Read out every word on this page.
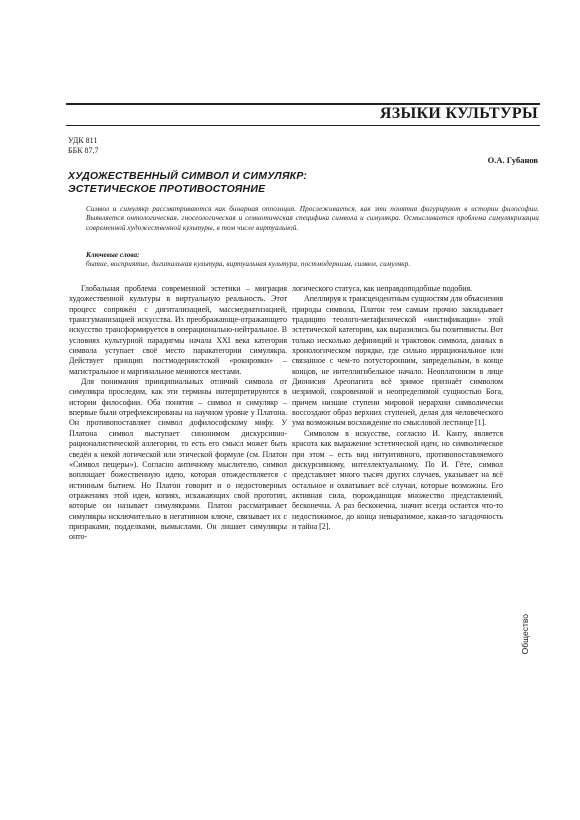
ЯЗЫКИ КУЛЬТУРЫ
УДК 811
ББК 87.7
О.А. Губанов
ХУДОЖЕСТВЕННЫЙ СИМВОЛ И СИМУЛЯКР:
ЭСТЕТИЧЕСКОЕ ПРОТИВОСТОЯНИЕ
Символ и симулякр рассматриваются как бинарная оппозиция. Прослеживается, как эти понятия фигурируют в истории философии. Выявляется онтологическая, гносеологическая и семиотическая специфика символа и симулякра. Осмысливается проблема симулякризации современной художественной культуры, в том числе виртуальной.
Ключевые слова:
бытие, восприятие, дигитальная культура, виртуальная культура, постмодернизм, символ, симулякр.

Глобальная проблема современной эстетики – миграция художественной культуры в виртуальную реальность. Этот процесс сопряжён с дигитализацией, массмедиатизацией, трансгуманизацией искусства. Из преображающе-отражающего искусство трансформируется в операционально-нейтральное. В условиях культурной парадигмы начала XXI века категория символа уступает своё место паракатегории симулякра. Действует принцип постмодернистской «рокировки» – магистральное и маргинальное меняются местами.

Для понимания принципиальных отличий символа от симулякра проследим, как эти термины интерпретируются в истории философии. Оба понятия – символ и симулякр – впервые были отрефлексированы на научном уровне у Платона. Он противопоставляет символ дофилософскому мифу. У Платона символ выступает синонимом дискурсивно-рационалистической аллегории, то есть его смысл может быть сведён к некой логической или этической формуле (см. Платон «Символ пещеры»). Согласно античному мыслителю, символ воплощает божественную идею, которая отождествляется с истинным бытием. Но Платон говорит и о недостоверных отражениях этой идеи, копиях, искажающих свой прототип, которые он называет симулякрами. Платон рассматривает симулякры исключительно в негативном ключе, связывает их с призраками, подделками, вымыслами. Он лишает симулякры онто-

логического статуса, как неправдоподобные подобия.

Апеллируя к трансцендентным сущностям для объяснения природы символа, Платон тем самым прочно закладывает традицию теолого-метафизической «мистификации» этой эстетической категории, как выразились бы позитивисты. Вот только несколько дефиниций и трактовок символа, данных в хронологическом порядке, где сильно иррациональное или связанное с чем-то потусторонним, запредельным, в конце концов, не интеллигибельное начало. Неоплатонизм в лице Дионисия Ареопагита всё зримое признаёт символом незримой, сокровенной и неопределимой сущностью Бога, причем низшие ступени мировой иерархии символически воссоздают образ верхних ступеней, делая для человеческого ума возможным восхождение по смысловой лестнице [1].

Символом в искусстве, согласно И. Канту, является красота как выражение эстетической идеи, но символическое при этом – есть вид интуитивного, противопоставляемого дискурсивному, интеллектуальному. По И. Гёте, символ представляет много тысяч других случаев, указывает на всё остальное и охватывает всё случаи, которые возможны. Его активная сила, порождающая множество представлений, бесконечна. А раз бесконечна, значит всегда остается что-то недостижимое, до конца невыразимое, какая-то загадочность и тайна [2].

Общество
